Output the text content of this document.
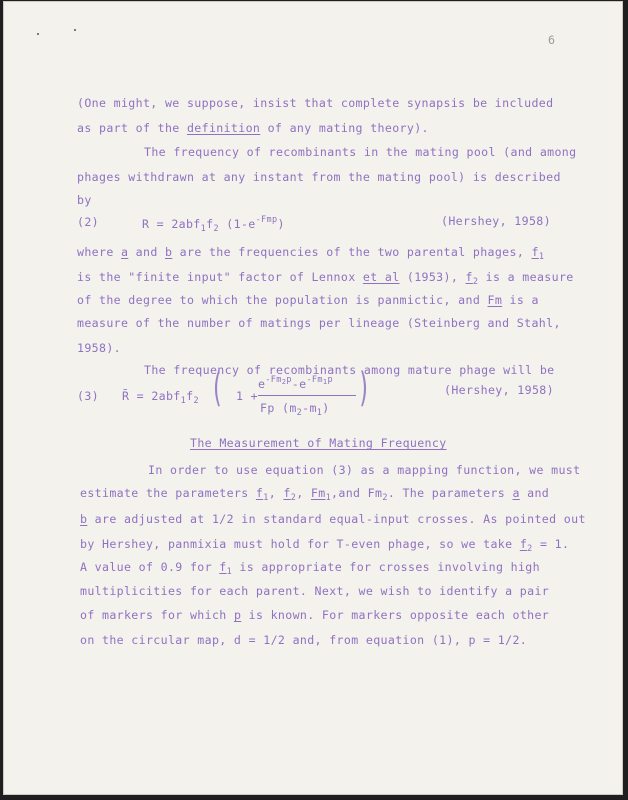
6
(One might, we suppose, insist that complete synapsis be included
as part of the definition of any mating theory).
The frequency of recombinants in the mating pool (and among
phages withdrawn at any instant from the mating pool) is described
by
(2)	$R = 2abf_1f_2$ $(1-e^{-Fmp})$	(Hershey, 1958)
where a and b are the frequencies of the two parental phages, $f_1$
is the "finite input" factor of Lennox et al (1953), $f_2$ is a measure
of the degree to which the population is panmictic, and Fm is a
measure of the number of matings per lineage (Steinberg and Stahl,
1958).
The frequency of recombinants among mature phage will be
(3) R̄ = $2abf_1f_2$ ( 1 +
$e^{-Fm_2p}-e^{-Fm_1p}$
Fp $(m_2-m_1)$ )	(Hershey, 1958)
The Measurement of Mating Frequency
In order to use equation (3) as a mapping function, we must
estimate the parameters $f_1$, $f_2$, $Fm_1,and$ $Fm_2$. The parameters a and
b are adjusted at 1/2 in standard equal-input crosses. As pointed out
by Hershey, panmixia must hold for T-even phage, so we take $f_2 = 1$.
A value of 0.9 for $f_1$ is appropriate for crosses involving high
multiplicities for each parent. Next, we wish to identify a pair
of markers for which p is known. For markers opposite each other
on the circular map, d = 1/2 and, from equation (1), p = 1/2.
